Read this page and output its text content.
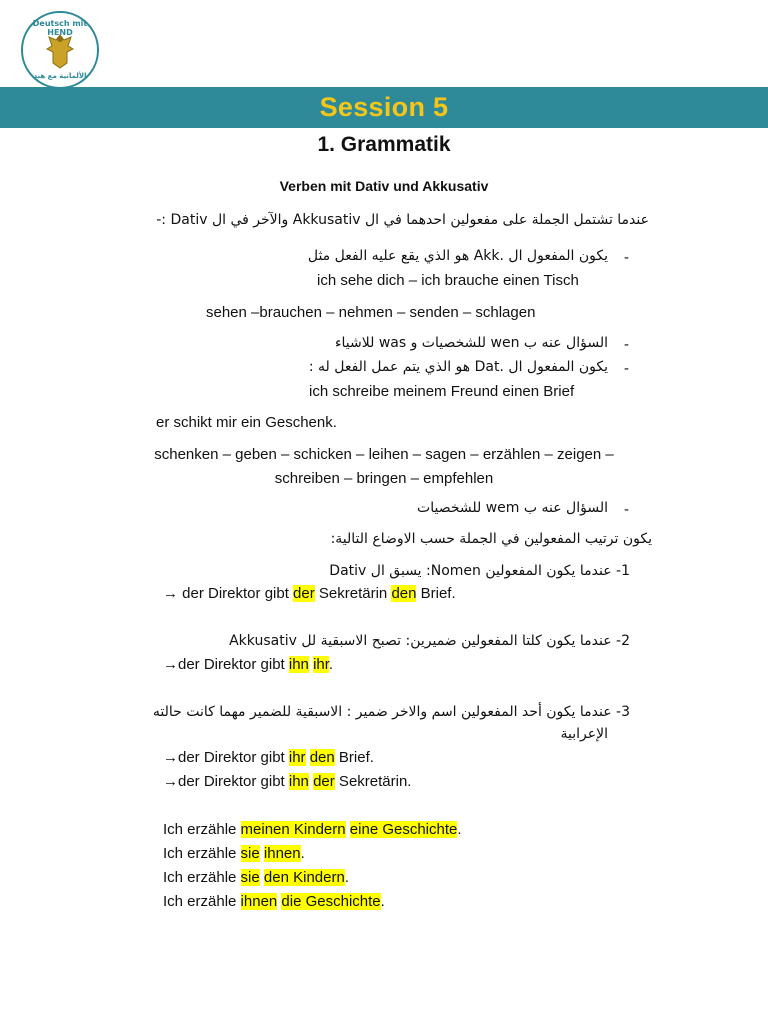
Deutsch mit HEND
الألمانية مع هند
Session 5
1. Grammatik
Verben mit Dativ und Akkusativ
عندما تشتمل الجملة على مفعولين احدهما في ال Akkusativ والآخر في ال Dativ :-
-
يكون المفعول ال .Akk هو الذي يقع عليه الفعل مثل
ich sehe dich – ich brauche einen Tisch
sehen –brauchen – nehmen – senden – schlagen
-
السؤال عنه ب wen للشخصيات و was للاشياء
-
يكون المفعول ال .Dat هو الذي يتم عمل الفعل له :
ich schreibe meinem Freund einen Brief
er schikt mir ein Geschenk.
schenken – geben – schicken – leihen – sagen – erzählen – zeigen –
schreiben – bringen – empfehlen
-
السؤال عنه ب wem للشخصيات
يكون ترتيب المفعولين في الجملة حسب الاوضاع التالية:
1- عندما يكون المفعولين Nomen: يسبق ال Dativ
→ der Direktor gibt der Sekretärin den Brief.
2- عندما يكون كلتا المفعولين ضميرين: تصبح الاسبقية لل Akkusativ
→der Direktor gibt ihn ihr.
3- عندما يكون أحد المفعولين اسم والاخر ضمير : الاسبقية للضمير مهما كانت حالته
الإعرابية
→der Direktor gibt ihr den Brief.
→der Direktor gibt ihn der Sekretärin.
Ich erzähle meinen Kindern eine Geschichte.
Ich erzähle sie ihnen.
Ich erzähle sie den Kindern.
Ich erzähle ihnen die Geschichte.
